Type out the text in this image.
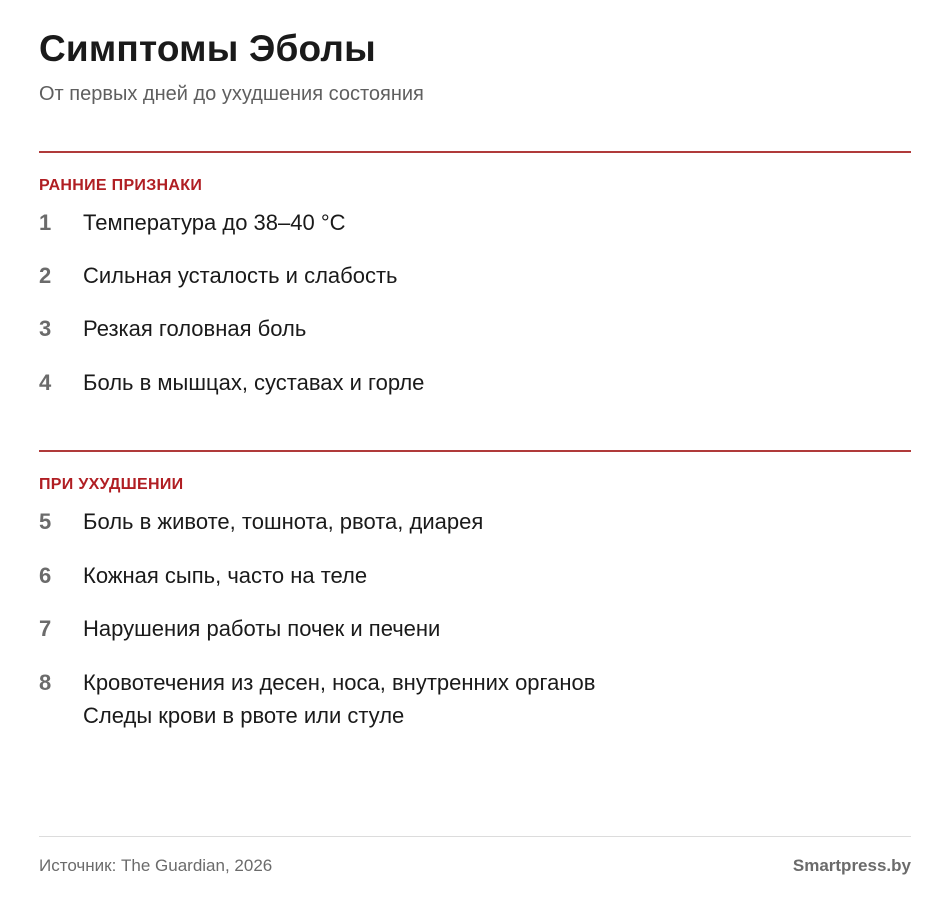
Симптомы Эболы
От первых дней до ухудшения состояния
РАННИЕ ПРИЗНАКИ
1	Температура до 38–40 °C
2	Сильная усталость и слабость
3	Резкая головная боль
4	Боль в мышцах, суставах и горле
ПРИ УХУДШЕНИИ
5	Боль в животе, тошнота, рвота, диарея
6	Кожная сыпь, часто на теле
7	Нарушения работы почек и печени
8	Кровотечения из десен, носа, внутренних органов
Следы крови в рвоте или стуле
Источник: The Guardian, 2026	Smartpress.by
